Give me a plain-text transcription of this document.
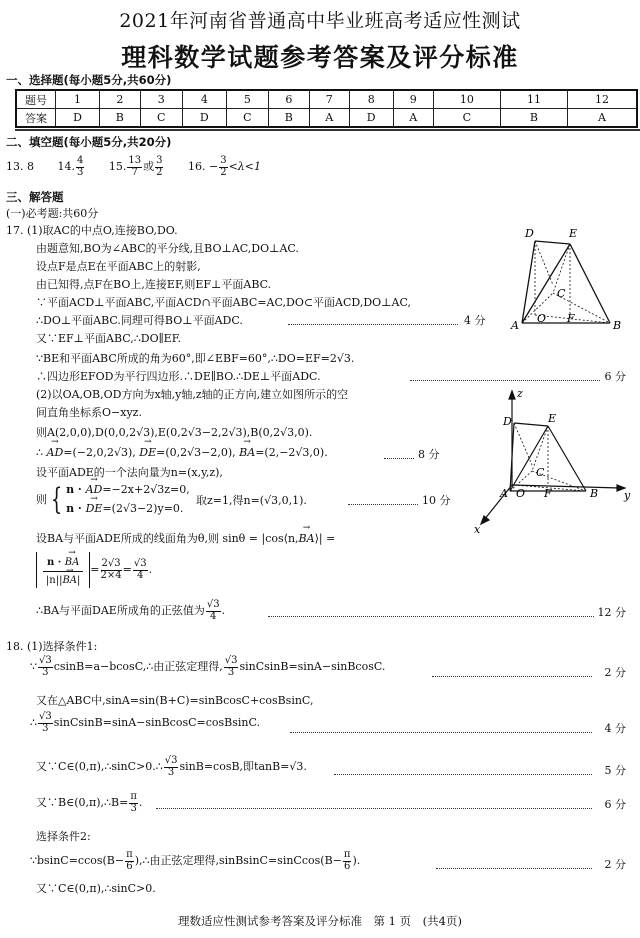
2021年河南省普通高中毕业班高考适应性测试
理科数学试题参考答案及评分标准
一、选择题(每小题5分,共60分)
题号	1	2	3	4	5	6	7	8	9	10	11	12
答案	D	B	C	D	C	B	A	D	A	C	B	A
二、填空题(每小题5分,共20分)
13. 8 14. $\frac{4}{3} 15$. $\frac{13}{7}$ 或 $\frac{3}{2} 16$. − $\frac{3}{2} <\lambda<1$
三、解答题
(一)必考题:共60分
17. (1)取AC的中点O,连接BO,DO.
由题意知,BO为∠ABC的平分线,且BO⊥AC,DO⊥AC.
设点F是点E在平面ABC上的射影,
由已知得,点F在BO上,连接EF,则EF⊥平面ABC.
∵平面ACD⊥平面ABC,平面ACD∩平面ABC=AC,DO⊂平面ACD,DO⊥AC,
∴DO⊥平面ABC.同理可得BO⊥平面ADC.	4 分
又∵EF⊥平面ABC,∴DO∥EF.
∵BE和平面ABC所成的角为60°,即∠EBF=60°,∴DO=EF=2√3.
∴四边形EFOD为平行四边形.∴DE∥BO.∴DE⊥平面ADC.	6 分
(2)以OA,OB,OD方向为x轴,y轴,z轴的正方向,建立如图所示的空
间直角坐标系O−xyz.
则A(2,0,0),D(0,0,2√3),E(0,2√3−2,2√3),B(0,2√3,0).
∴ → AD=(−2,0,2√3), → DE=(0,2√3−2,0), → BA=(2,−2√3,0).	8 分
设平面ADE的一个法向量为n=(x,y,z),
则 { n · → AD=−2x+2√3z=0,
n · → DE=(2√3−2)y=0.
取z=1,得n=(√3,0,1).	10 分
设BA与平面ADE所成的线面角为θ,则 sinθ = |cos⟨n,→ BA⟩| =
$\frac{n \cdot \to BA}{|n||\to BA|} = \frac{2√3}{2\times 4} = \frac{√3}{4}$ .
∴BA与平面DAE所成角的正弦值为 $\frac{√3}{4}$ .	12 分
D	E
C
O F
A	B
z
x
y
D	E
C
O F
A	B
18. (1)选择条件1:
∵ $\frac{√3}{3}$ csinB=a−bcosC,∴由正弦定理得, $\frac{√3}{3}$ sinCsinB=sinA−sinBcosC.	2 分
又在△ABC中,sinA=sin(B+C)=sinBcosC+cosBsinC,
∴ $\frac{√3}{3}$ sinCsinB=sinA−sinBcosC=cosBsinC.	4 分
又∵C∈(0,π),∴sinC>0.∴ $\frac{√3}{3} \sin B=\cos B$,即tanB=√3.	5 分
又∵B∈(0,π),∴B= $\frac{\pi}{3}$ .	6 分
选择条件2:
∵bsinC=ccos(B− $\frac{\pi}{6}$ ),∴由正弦定理得,sinBsinC=sinCcos(B− $\frac{\pi}{6}$ ).	2 分
又∵C∈(0,π),∴sinC>0.
理数适应性测试参考答案及评分标准　第 1 页　(共4页)
